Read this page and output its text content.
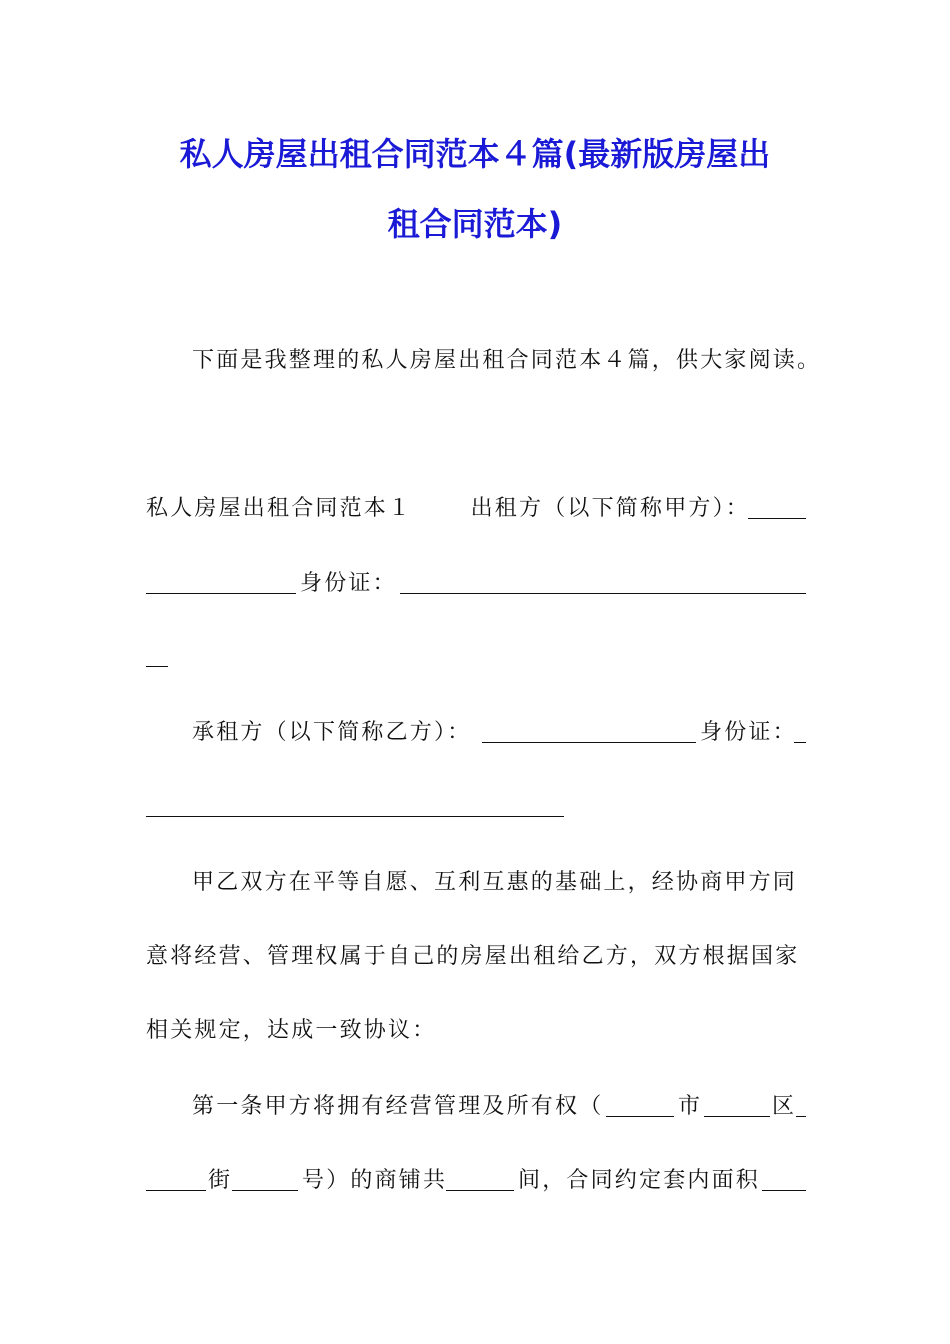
私人房屋出租合同范本４篇(最新版房屋出
租合同范本)
下面是我整理的私人房屋出租合同范本４篇，供大家阅读。
私人房屋出租合同范本１	出租方（以下简称甲方）：
身份证：
承租方（以下简称乙方）：	身份证：
甲乙双方在平等自愿、互利互惠的基础上，经协商甲方同
意将经营、管理权属于自己的房屋出租给乙方，双方根据国家
相关规定，达成一致协议：
第一条甲方将拥有经营管理及所有权（	市	区
街	号）的商铺共	间，合同约定套内面积
